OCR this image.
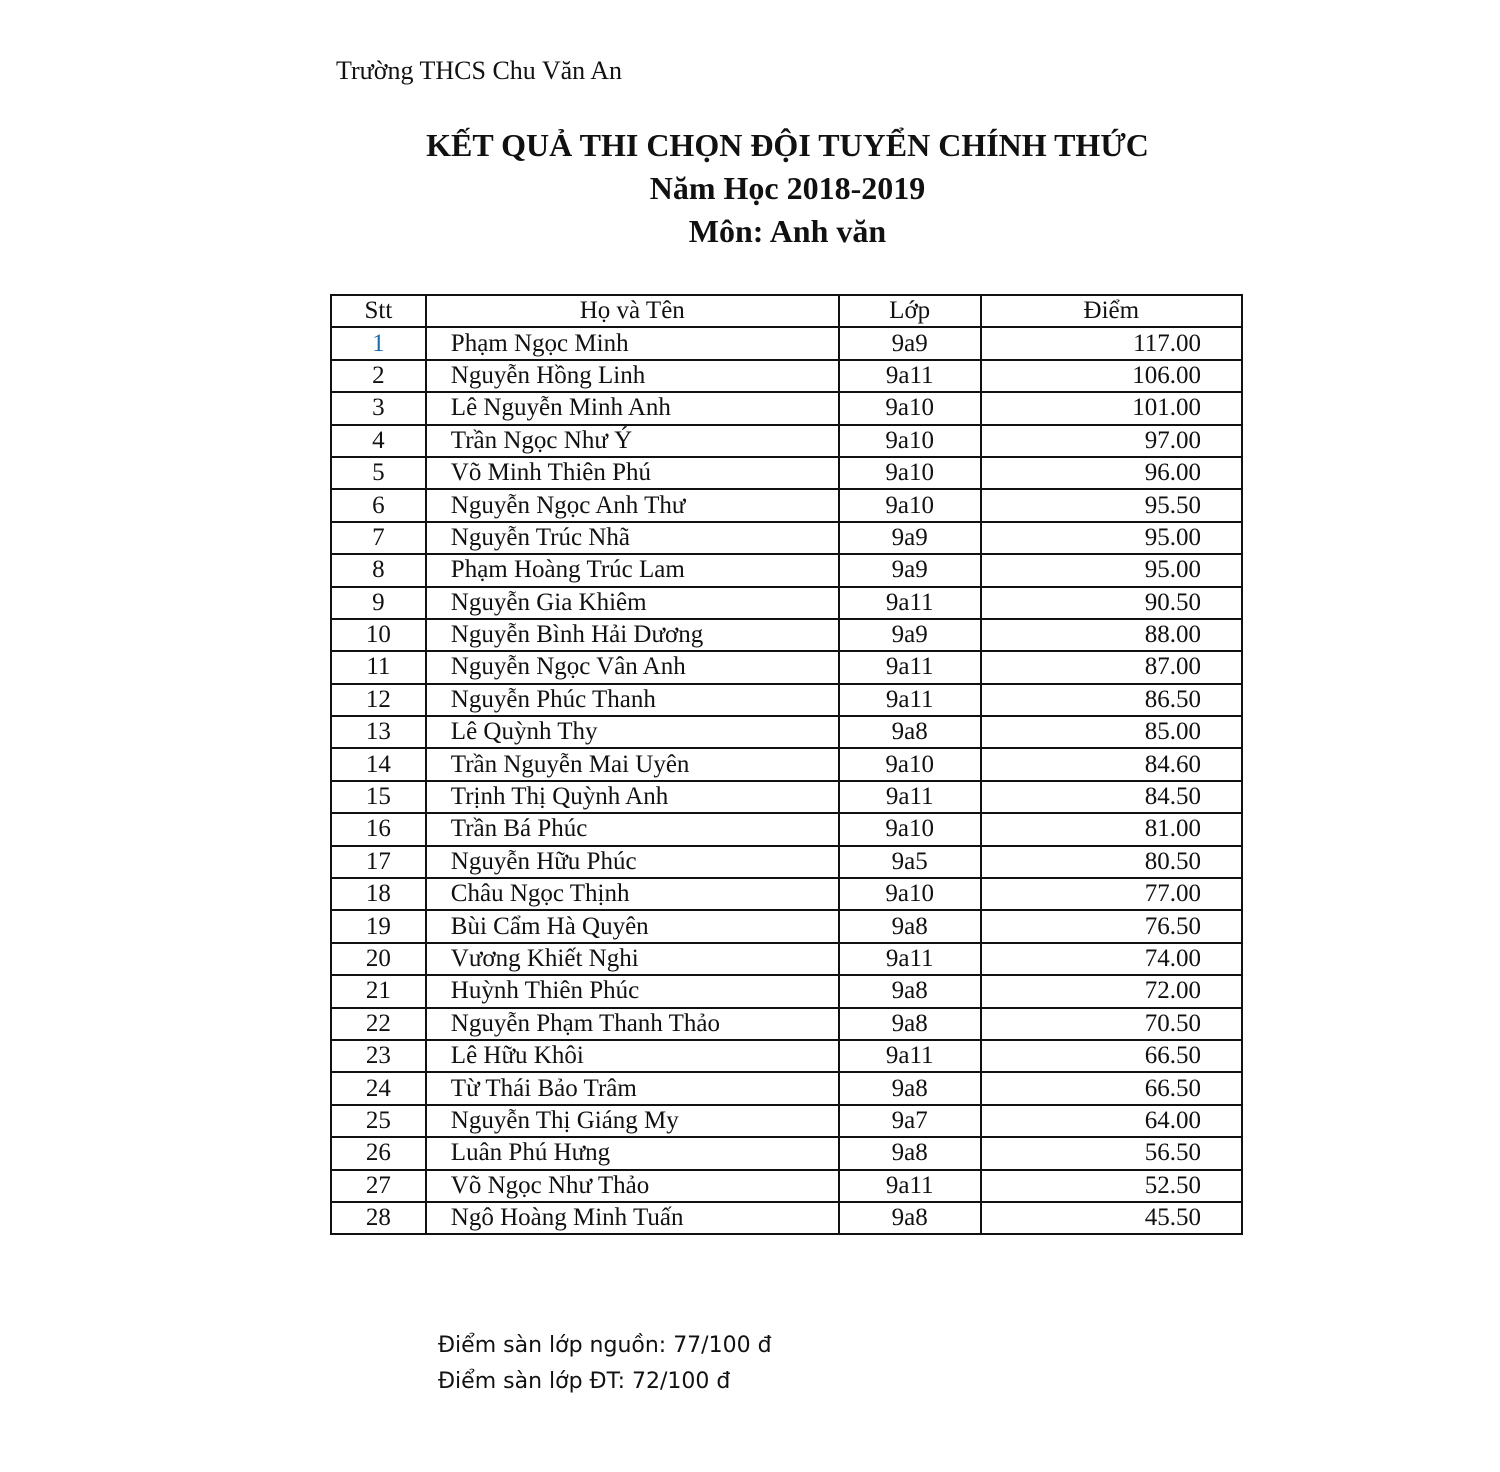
Trường THCS Chu Văn An
KẾT QUẢ THI CHỌN ĐỘI TUYỂN CHÍNH THỨC
Năm Học 2018-2019
Môn: Anh văn
Stt	Họ và Tên	Lớp	Điểm
1	Phạm Ngọc Minh	9a9	117.00
2	Nguyễn Hồng Linh	9a11	106.00
3	Lê Nguyễn Minh Anh	9a10	101.00
4	Trần Ngọc Như Ý	9a10	97.00
5	Võ Minh Thiên Phú	9a10	96.00
6	Nguyễn Ngọc Anh Thư	9a10	95.50
7	Nguyễn Trúc Nhã	9a9	95.00
8	Phạm Hoàng Trúc Lam	9a9	95.00
9	Nguyễn Gia Khiêm	9a11	90.50
10	Nguyễn Bình Hải Dương	9a9	88.00
11	Nguyễn Ngọc Vân Anh	9a11	87.00
12	Nguyễn Phúc Thanh	9a11	86.50
13	Lê Quỳnh Thy	9a8	85.00
14	Trần Nguyễn Mai Uyên	9a10	84.60
15	Trịnh Thị Quỳnh Anh	9a11	84.50
16	Trần Bá Phúc	9a10	81.00
17	Nguyễn Hữu Phúc	9a5	80.50
18	Châu Ngọc Thịnh	9a10	77.00
19	Bùi Cẩm Hà Quyên	9a8	76.50
20	Vương Khiết Nghi	9a11	74.00
21	Huỳnh Thiên Phúc	9a8	72.00
22	Nguyễn Phạm Thanh Thảo	9a8	70.50
23	Lê Hữu Khôi	9a11	66.50
24	Từ Thái Bảo Trâm	9a8	66.50
25	Nguyễn Thị Giáng My	9a7	64.00
26	Luân Phú Hưng	9a8	56.50
27	Võ Ngọc Như Thảo	9a11	52.50
28	Ngô Hoàng Minh Tuấn	9a8	45.50
Điểm sàn lớp nguồn: 77/100 đ
Điểm sàn lớp ĐT: 72/100 đ
